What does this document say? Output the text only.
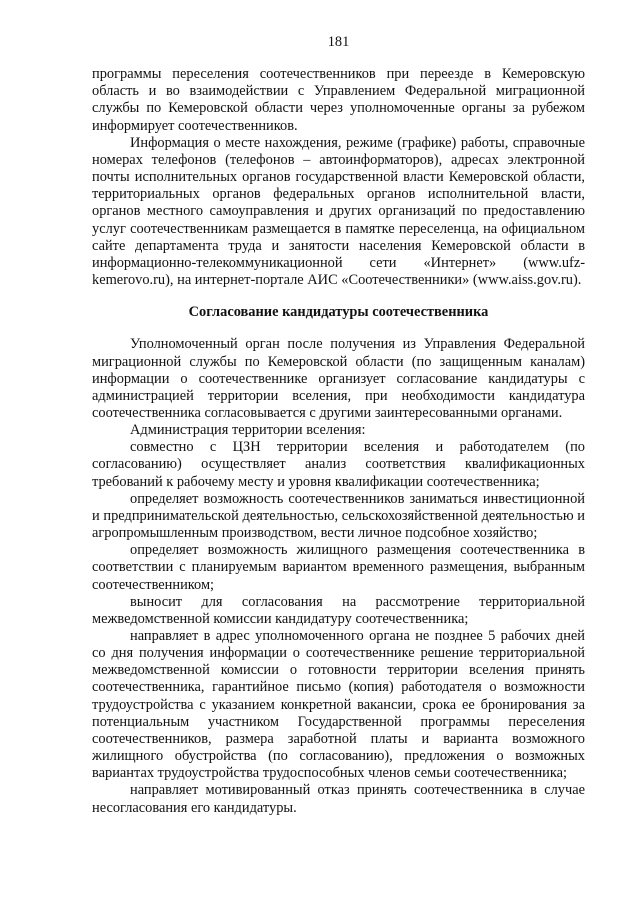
181

программы переселения соотечественников при переезде в Кемеровскую область и во взаимодействии с Управлением Федеральной миграционной службы по Кемеровской области через уполномоченные органы за рубежом информирует соотечественников.

Информация о месте нахождения, режиме (графике) работы, справочные номерах телефонов (телефонов – автоинформаторов), адресах электронной почты исполнительных органов государственной власти Кемеровской области, территориальных органов федеральных органов исполнительной власти, органов местного самоуправления и других организаций по предоставлению услуг соотечественникам размещается в памятке переселенца, на официальном сайте департамента труда и занятости населения Кемеровской области в информационно-телекоммуникационной сети «Интернет» (www.ufz-kemerovo.ru), на интернет-портале АИС «Соотечественники» (www.aiss.gov.ru).

Согласование кандидатуры соотечественника

Уполномоченный орган после получения из Управления Федеральной миграционной службы по Кемеровской области (по защищенным каналам) информации о соотечественнике организует согласование кандидатуры с администрацией территории вселения, при необходимости кандидатура соотечественника согласовывается с другими заинтересованными органами.

Администрация территории вселения:

совместно с ЦЗН территории вселения и работодателем (по согласованию) осуществляет анализ соответствия квалификационных требований к рабочему месту и уровня квалификации соотечественника;

определяет возможность соотечественников заниматься инвестиционной и предпринимательской деятельностью, сельскохозяйственной деятельностью и агропромышленным производством, вести личное подсобное хозяйство;

определяет возможность жилищного размещения соотечественника в соответствии с планируемым вариантом временного размещения, выбранным соотечественником;

выносит для согласования на рассмотрение территориальной межведомственной комиссии кандидатуру соотечественника;

направляет в адрес уполномоченного органа не позднее 5 рабочих дней со дня получения информации о соотечественнике решение территориальной межведомственной комиссии о готовности территории вселения принять соотечественника, гарантийное письмо (копия) работодателя о возможности трудоустройства с указанием конкретной вакансии, срока ее бронирования за потенциальным участником Государственной программы переселения соотечественников, размера заработной платы и варианта возможного жилищного обустройства (по согласованию), предложения о возможных вариантах трудоустройства трудоспособных членов семьи соотечественника;

направляет мотивированный отказ принять соотечественника в случае несогласования его кандидатуры.
